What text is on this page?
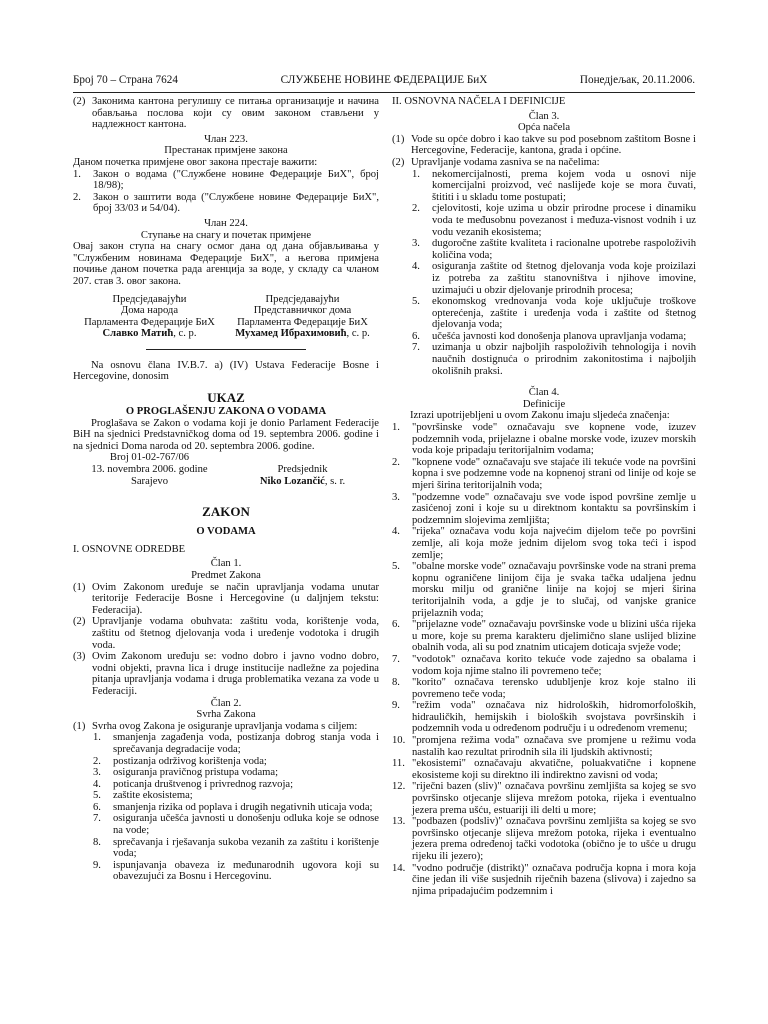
Број 70 – Страна 7624	СЛУЖБЕНЕ НОВИНЕ ФЕДЕРАЦИЈЕ БиХ	Понедјељак, 20.11.2006.
(2) Законима кантона регулишу се питања организације и начина обављања послова који су овим законом стављени у надлежност кантона.

Члан 223.

Престанак примјене закона

Даном почетка примјене овог закона престаје важити:

1.	Закон о водама ("Службене новине Федерације БиХ", број 18/98);
2.	Закон о заштити вода ("Службене новине Федерације БиХ", број 33/03 и 54/04).

Члан 224.

Ступање на снагу и почетак примјене

Овај закон ступа на снагу осмог дана од дана објављивања у "Службеним новинама Федерације БиХ", а његова примјена почиње даном почетка рада агенција за воде, у складу са чланом 207. став 3. овог закона.

Предсједавајући

Дома народа

Парламента Федерације БиХ

Славко Матић, с. р.

Предсједавајући

Представничког дома

Парламента Федерације БиХ

Мухамед Ибрахимовић, с. р.

Na osnovu člana IV.B.7. a) (IV) Ustava Federacije Bosne i Hercegovine, donosim

UKAZ

O PROGLAŠENJU ZAKONA O VODAMA

Proglašava se Zakon o vodama koji je donio Parlament Federacije BiH na sjednici Predstavničkog doma od 19. septembra 2006. godine i na sjednici Doma naroda od 20. septembra 2006. godine.

Broj 01-02-767/06

13. novembra 2006. godine

Sarajevo

Predsjednik

Niko Lozančić, s. r.

ZAKON

O VODAMA

I. OSNOVNE ODREDBE

Član 1.

Predmet Zakona

(1) Ovim Zakonom uređuje se način upravljanja vodama unutar teritorije Federacije Bosne i Hercegovine (u daljnjem tekstu: Federacija).
(2) Upravljanje vodama obuhvata: zaštitu voda, korištenje voda, zaštitu od štetnog djelovanja voda i uređenje vodotoka i drugih voda.
(3) Ovim Zakonom uređuju se: vodno dobro i javno vodno dobro, vodni objekti, pravna lica i druge institucije nadležne za pojedina pitanja upravljanja vodama i druga problematika vezana za vode u Federaciji.

Član 2.

Svrha Zakona

(1) Svrha ovog Zakona je osiguranje upravljanja vodama s ciljem:
1.	smanjenja zagađenja voda, postizanja dobrog stanja voda i sprečavanja degradacije voda;
2.	postizanja održivog korištenja voda;
3.	osiguranja pravičnog pristupa vodama;
4.	poticanja društvenog i privrednog razvoja;
5.	zaštite ekosistema;
6.	smanjenja rizika od poplava i drugih negativnih uticaja voda;
7.	osiguranja učešća javnosti u donošenju odluka koje se odnose na vode;
8.	sprečavanja i rješavanja sukoba vezanih za zaštitu i korištenje voda;
9.	ispunjavanja obaveza iz međunarodnih ugovora koji su obavezujući za Bosnu i Hercegovinu.

II. OSNOVNA NAČELA I DEFINICIJE

Član 3.

Opća načela

(1) Vode su opće dobro i kao takve su pod posebnom zaštitom Bosne i Hercegovine, Federacije, kantona, grada i općine.
(2) Upravljanje vodama zasniva se na načelima:
1.	nekomercijalnosti, prema kojem voda u osnovi nije komercijalni proizvod, već naslijeđe koje se mora čuvati, štititi i u skladu tome postupati;
2.	cjelovitosti, koje uzima u obzir prirodne procese i dinamiku voda te međusobnu povezanost i međuza-visnost vodnih i uz vodu vezanih ekosistema;
3.	dugoročne zaštite kvaliteta i racionalne upotrebe raspoloživih količina voda;
4.	osiguranja zaštite od štetnog djelovanja voda koje proizilazi iz potreba za zaštitu stanovništva i njihove imovine, uzimajući u obzir djelovanje prirodnih procesa;
5.	ekonomskog vrednovanja voda koje uključuje troškove opterećenja, zaštite i uređenja voda i zaštite od štetnog djelovanja voda;
6.	učešća javnosti kod donošenja planova upravljanja vodama;
7.	uzimanja u obzir najboljih raspoloživih tehnologija i novih naučnih dostignuća o prirodnim zakonitostima i najboljih okolišnih praksi.

Član 4.

Definicije

Izrazi upotrijebljeni u ovom Zakonu imaju sljedeća značenja:

1.	"površinske vode" označavaju sve kopnene vode, izuzev podzemnih voda, prijelazne i obalne morske vode, izuzev morskih voda koje pripadaju teritorijalnim vodama;
2.	"kopnene vode" označavaju sve stajaće ili tekuće vode na površini kopna i sve podzemne vode na kopnenoj strani od linije od koje se mjeri širina teritorijalnih voda;
3.	"podzemne vode" označavaju sve vode ispod površine zemlje u zasićenoj zoni i koje su u direktnom kontaktu sa površinskim i podzemnim slojevima zemljišta;
4.	"rijeka" označava vodu koja najvećim dijelom teče po površini zemlje, ali koja može jednim dijelom svog toka teći i ispod zemlje;
5.	"obalne morske vode" označavaju površinske vode na strani prema kopnu ograničene linijom čija je svaka tačka udaljena jednu morsku milju od granične linije na kojoj se mjeri širina teritorijalnih voda, a gdje je to slučaj, od vanjske granice prijelaznih voda;
6.	"prijelazne vode" označavaju površinske vode u blizini ušća rijeka u more, koje su prema karakteru djelimično slane uslijed blizine obalnih voda, ali su pod znatnim uticajem doticaja svježe vode;
7.	"vodotok" označava korito tekuće vode zajedno sa obalama i vodom koja njime stalno ili povremeno teče;
8.	"korito" označava terensko udubljenje kroz koje stalno ili povremeno teče voda;
9.	"režim voda" označava niz hidroloških, hidromorfoloških, hidrauličkih, hemijskih i bioloških svojstava površinskih i podzemnih voda u određenom području i u određenom vremenu;
10. "promjena režima voda" označava sve promjene u režimu voda nastalih kao rezultat prirodnih sila ili ljudskih aktivnosti;
11. "ekosistemi" označavaju akvatične, poluakvatične i kopnene ekosisteme koji su direktno ili indirektno zavisni od voda;
12. "riječni bazen (sliv)" označava površinu zemljišta sa kojeg se svo površinsko otjecanje slijeva mrežom potoka, rijeka i eventualno jezera prema ušću, estuariji ili delti u more;
13. "podbazen (podsliv)" označava površinu zemljišta sa kojeg se svo površinsko otjecanje slijeva mrežom potoka, rijeka i eventualno jezera prema određenoj tački vodotoka (obično je to ušće u drugu rijeku ili jezero);
14. "vodno područje (distrikt)" označava područja kopna i mora koja čine jedan ili više susjednih riječnih bazena (slivova) i zajedno sa njima pripadajućim podzemnim i
